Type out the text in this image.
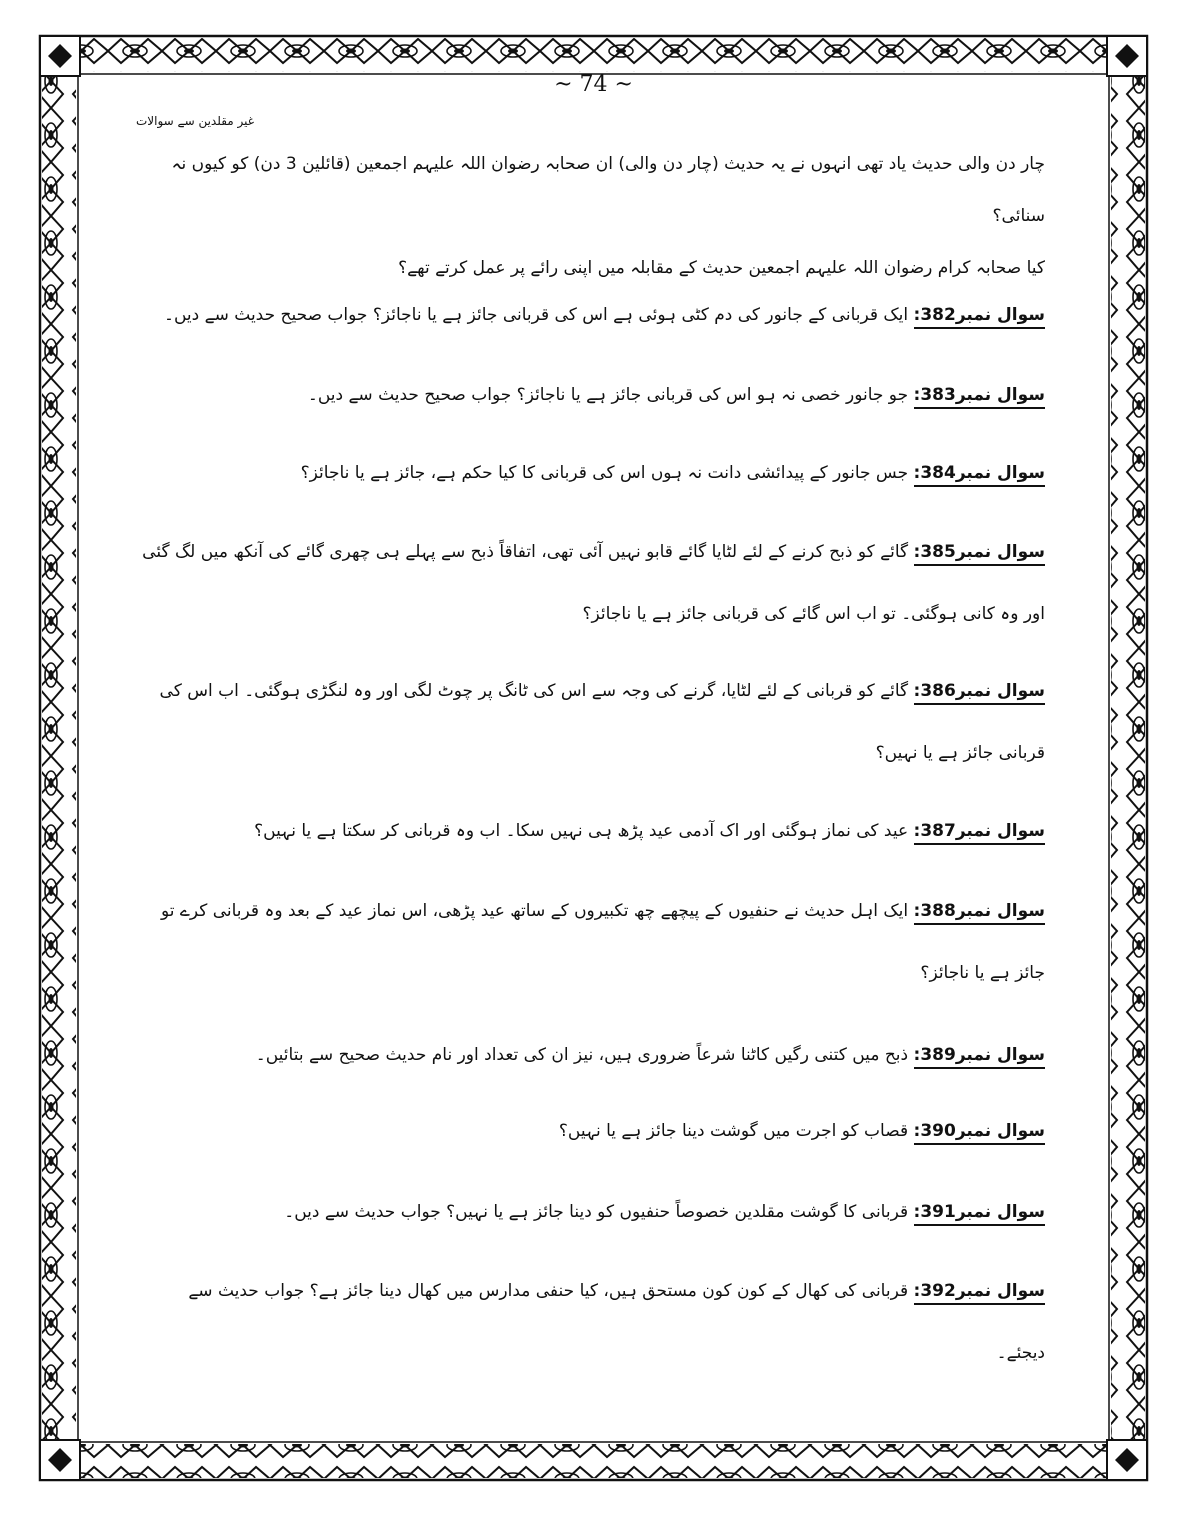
~ 74 ~
غیر مقلدین سے سوالات
چار دن والی حدیث یاد تھی انہوں نے یہ حدیث (چار دن والی) ان صحابہ رضوان اللہ علیہم اجمعین (قائلین 3 دن) کو کیوں نہ سنائی؟
کیا صحابہ کرام رضوان اللہ علیہم اجمعین حدیث کے مقابلہ میں اپنی رائے پر عمل کرتے تھے؟
سوال نمبر382: ایک قربانی کے جانور کی دم کٹی ہوئی ہے اس کی قربانی جائز ہے یا ناجائز؟ جواب صحیح حدیث سے دیں۔
سوال نمبر383: جو جانور خصی نہ ہو اس کی قربانی جائز ہے یا ناجائز؟ جواب صحیح حدیث سے دیں۔
سوال نمبر384: جس جانور کے پیدائشی دانت نہ ہوں اس کی قربانی کا کیا حکم ہے، جائز ہے یا ناجائز؟
سوال نمبر385: گائے کو ذبح کرنے کے لئے لٹایا گائے قابو نہیں آئی تھی، اتفاقاً ذبح سے پہلے ہی چھری گائے کی آنکھ میں لگ گئی اور وہ کانی ہوگئی۔ تو اب اس گائے کی قربانی جائز ہے یا ناجائز؟
سوال نمبر386: گائے کو قربانی کے لئے لٹایا، گرنے کی وجہ سے اس کی ٹانگ پر چوٹ لگی اور وہ لنگڑی ہوگئی۔ اب اس کی قربانی جائز ہے یا نہیں؟
سوال نمبر387: عید کی نماز ہوگئی اور اک آدمی عید پڑھ ہی نہیں سکا۔ اب وہ قربانی کر سکتا ہے یا نہیں؟
سوال نمبر388: ایک اہل حدیث نے حنفیوں کے پیچھے چھ تکبیروں کے ساتھ عید پڑھی، اس نماز عید کے بعد وہ قربانی کرے تو جائز ہے یا ناجائز؟
سوال نمبر389: ذبح میں کتنی رگیں کاٹنا شرعاً ضروری ہیں، نیز ان کی تعداد اور نام حدیث صحیح سے بتائیں۔
سوال نمبر390: قصاب کو اجرت میں گوشت دینا جائز ہے یا نہیں؟
سوال نمبر391: قربانی کا گوشت مقلدین خصوصاً حنفیوں کو دینا جائز ہے یا نہیں؟ جواب حدیث سے دیں۔
سوال نمبر392: قربانی کی کھال کے کون کون مستحق ہیں، کیا حنفی مدارس میں کھال دینا جائز ہے؟ جواب حدیث سے دیجئے۔
